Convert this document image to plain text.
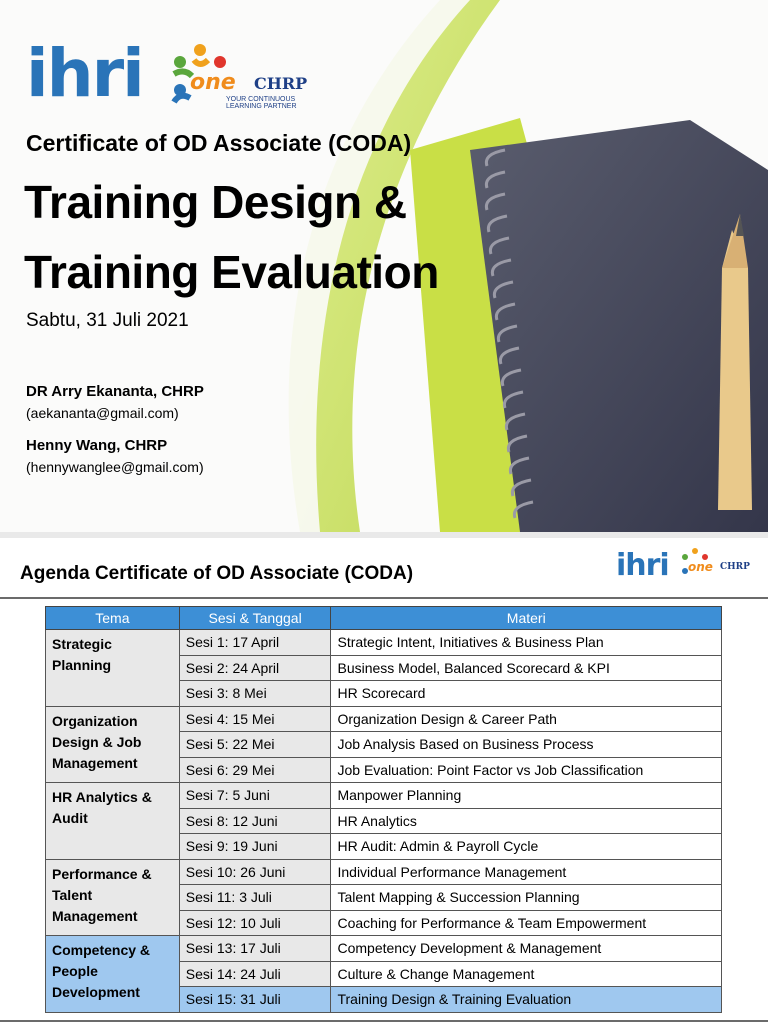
ihri one CHRP
YOUR CONTINUOUS
LEARNING PARTNER
Certificate of OD Associate (CODA)
Training Design &
Training Evaluation
Sabtu, 31 Juli 2021
DR Arry Ekananta, CHRP
(aekananta@gmail.com)
Henny Wang, CHRP
(hennywanglee@gmail.com)
Agenda Certificate of OD Associate (CODA)	ihri one CHRP
Tema	Sesi & Tanggal	Materi
Strategic Planning	Sesi 1: 17 April	Strategic Intent, Initiatives & Business Plan
	Sesi 2: 24 April	Business Model, Balanced Scorecard & KPI
	Sesi 3: 8 Mei	HR Scorecard
Organization Design & Job Management	Sesi 4: 15 Mei	Organization Design & Career Path
	Sesi 5: 22 Mei	Job Analysis Based on Business Process
	Sesi 6: 29 Mei	Job Evaluation: Point Factor vs Job Classification
HR Analytics & Audit	Sesi 7: 5 Juni	Manpower Planning
	Sesi 8: 12 Juni	HR Analytics
	Sesi 9: 19 Juni	HR Audit: Admin & Payroll Cycle
Performance & Talent Management	Sesi 10: 26 Juni	Individual Performance Management
	Sesi 11: 3 Juli	Talent Mapping & Succession Planning
	Sesi 12: 10 Juli	Coaching for Performance & Team Empowerment
Competency & People Development	Sesi 13: 17 Juli	Competency Development & Management
	Sesi 14: 24 Juli	Culture & Change Management
	Sesi 15: 31 Juli	Training Design & Training Evaluation
